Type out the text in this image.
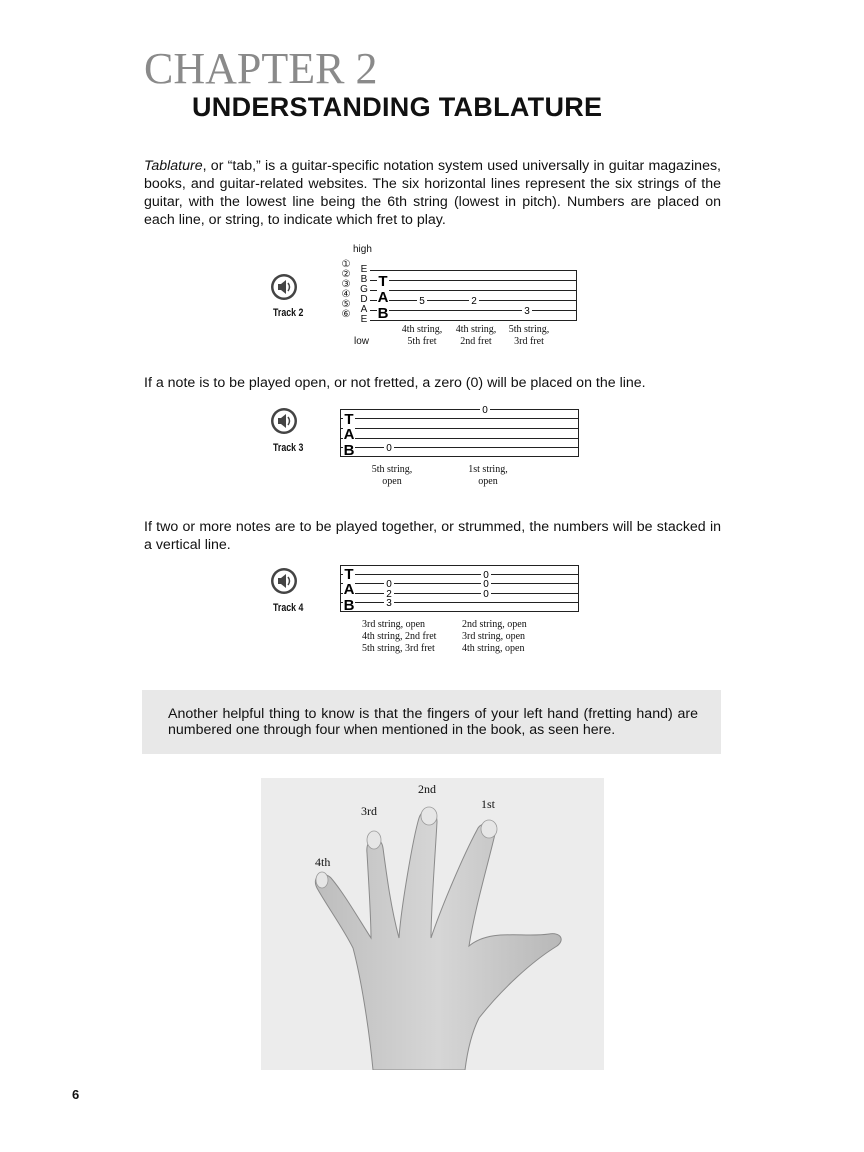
CHAPTER 2
UNDERSTANDING TABLATURE
Tablature, or “tab,” is a guitar-specific notation system used universally in guitar magazines, books, and guitar-related websites. The six horizontal lines represent the six strings of the guitar, with the lowest line being the 6th string (lowest in pitch). Numbers are placed on each line, or string, to indicate which fret to play.
Track 2
high
low
①
②
③
④
⑤
⑥
E
B
G
D
A
E
T
A
B
5	2
3
4th string,
5th fret
4th string,
2nd fret
5th string,
3rd fret
If a note is to be played open, or not fretted, a zero (0) will be placed on the line.
Track 3
T
A
B	0
0
5th string,
open
1st string,
open
If two or more notes are to be played together, or strummed, the numbers will be stacked in a vertical line.
Track 4
T
A
B
0
2
3
0
0
0
3rd string, open
4th string, 2nd fret
5th string, 3rd fret
2nd string, open
3rd string, open
4th string, open
Another helpful thing to know is that the fingers of your left hand (fretting hand) are numbered one through four when mentioned in the book, as seen here.
4th
3rd
2nd
1st
6
